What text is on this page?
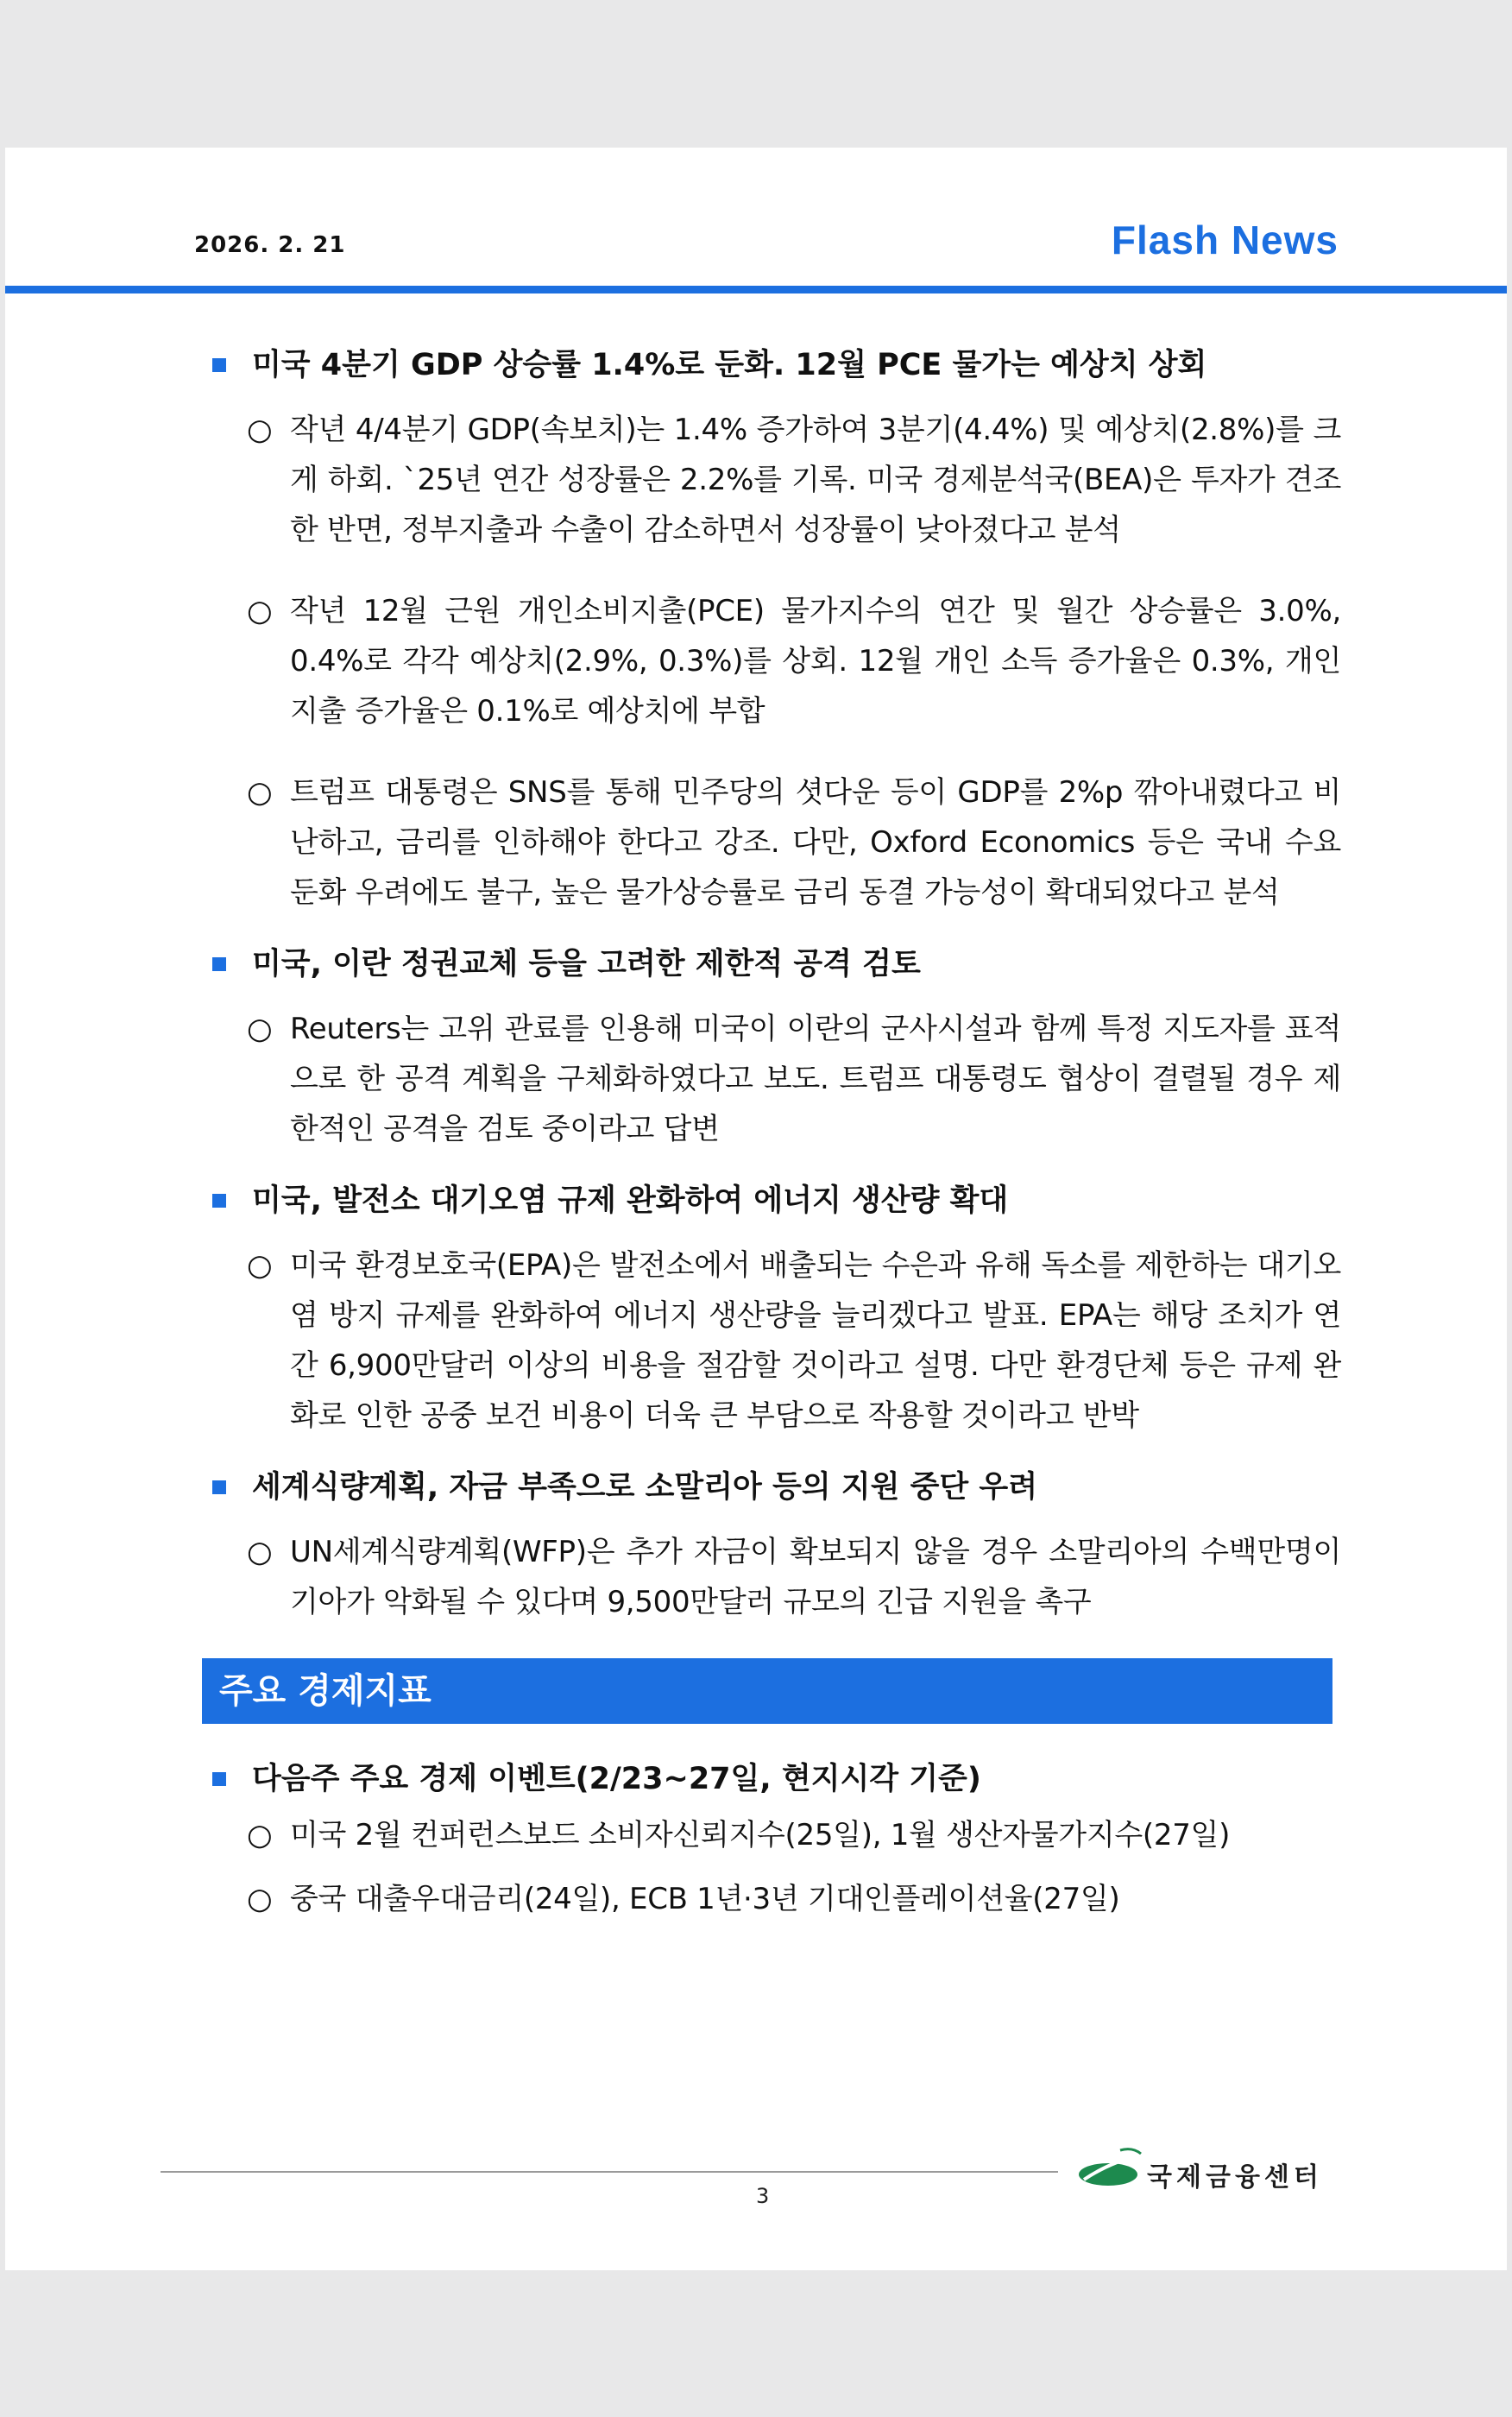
2026. 2. 21	Flash News
미국 4분기 GDP 상승률 1.4%로 둔화. 12월 PCE 물가는 예상치 상회
○ 작년 4/4분기 GDP(속보치)는 1.4% 증가하여 3분기(4.4%) 및 예상치(2.8%)를 크게 하회. `25년 연간 성장률은 2.2%를 기록. 미국 경제분석국(BEA)은 투자가 견조한 반면, 정부지출과 수출이 감소하면서 성장률이 낮아졌다고 분석
○ 작년 12월 근원 개인소비지출(PCE) 물가지수의 연간 및 월간 상승률은 3.0%, 0.4%로 각각 예상치(2.9%, 0.3%)를 상회. 12월 개인 소득 증가율은 0.3%, 개인 지출 증가율은 0.1%로 예상치에 부합
○ 트럼프 대통령은 SNS를 통해 민주당의 셧다운 등이 GDP를 2%p 깎아내렸다고 비난하고, 금리를 인하해야 한다고 강조. 다만, Oxford Economics 등은 국내 수요 둔화 우려에도 불구, 높은 물가상승률로 금리 동결 가능성이 확대되었다고 분석
미국, 이란 정권교체 등을 고려한 제한적 공격 검토
○ Reuters는 고위 관료를 인용해 미국이 이란의 군사시설과 함께 특정 지도자를 표적으로 한 공격 계획을 구체화하였다고 보도. 트럼프 대통령도 협상이 결렬될 경우 제한적인 공격을 검토 중이라고 답변
미국, 발전소 대기오염 규제 완화하여 에너지 생산량 확대
○ 미국 환경보호국(EPA)은 발전소에서 배출되는 수은과 유해 독소를 제한하는 대기오염 방지 규제를 완화하여 에너지 생산량을 늘리겠다고 발표. EPA는 해당 조치가 연간 6,900만달러 이상의 비용을 절감할 것이라고 설명. 다만 환경단체 등은 규제 완화로 인한 공중 보건 비용이 더욱 큰 부담으로 작용할 것이라고 반박
세계식량계획, 자금 부족으로 소말리아 등의 지원 중단 우려
○ UN세계식량계획(WFP)은 추가 자금이 확보되지 않을 경우 소말리아의 수백만명이 기아가 악화될 수 있다며 9,500만달러 규모의 긴급 지원을 촉구
주요 경제지표
다음주 주요 경제 이벤트(2/23~27일, 현지시각 기준)
○ 미국 2월 컨퍼런스보드 소비자신뢰지수(25일), 1월 생산자물가지수(27일)
○ 중국 대출우대금리(24일), ECB 1년·3년 기대인플레이션율(27일)
3
국제금융센터
